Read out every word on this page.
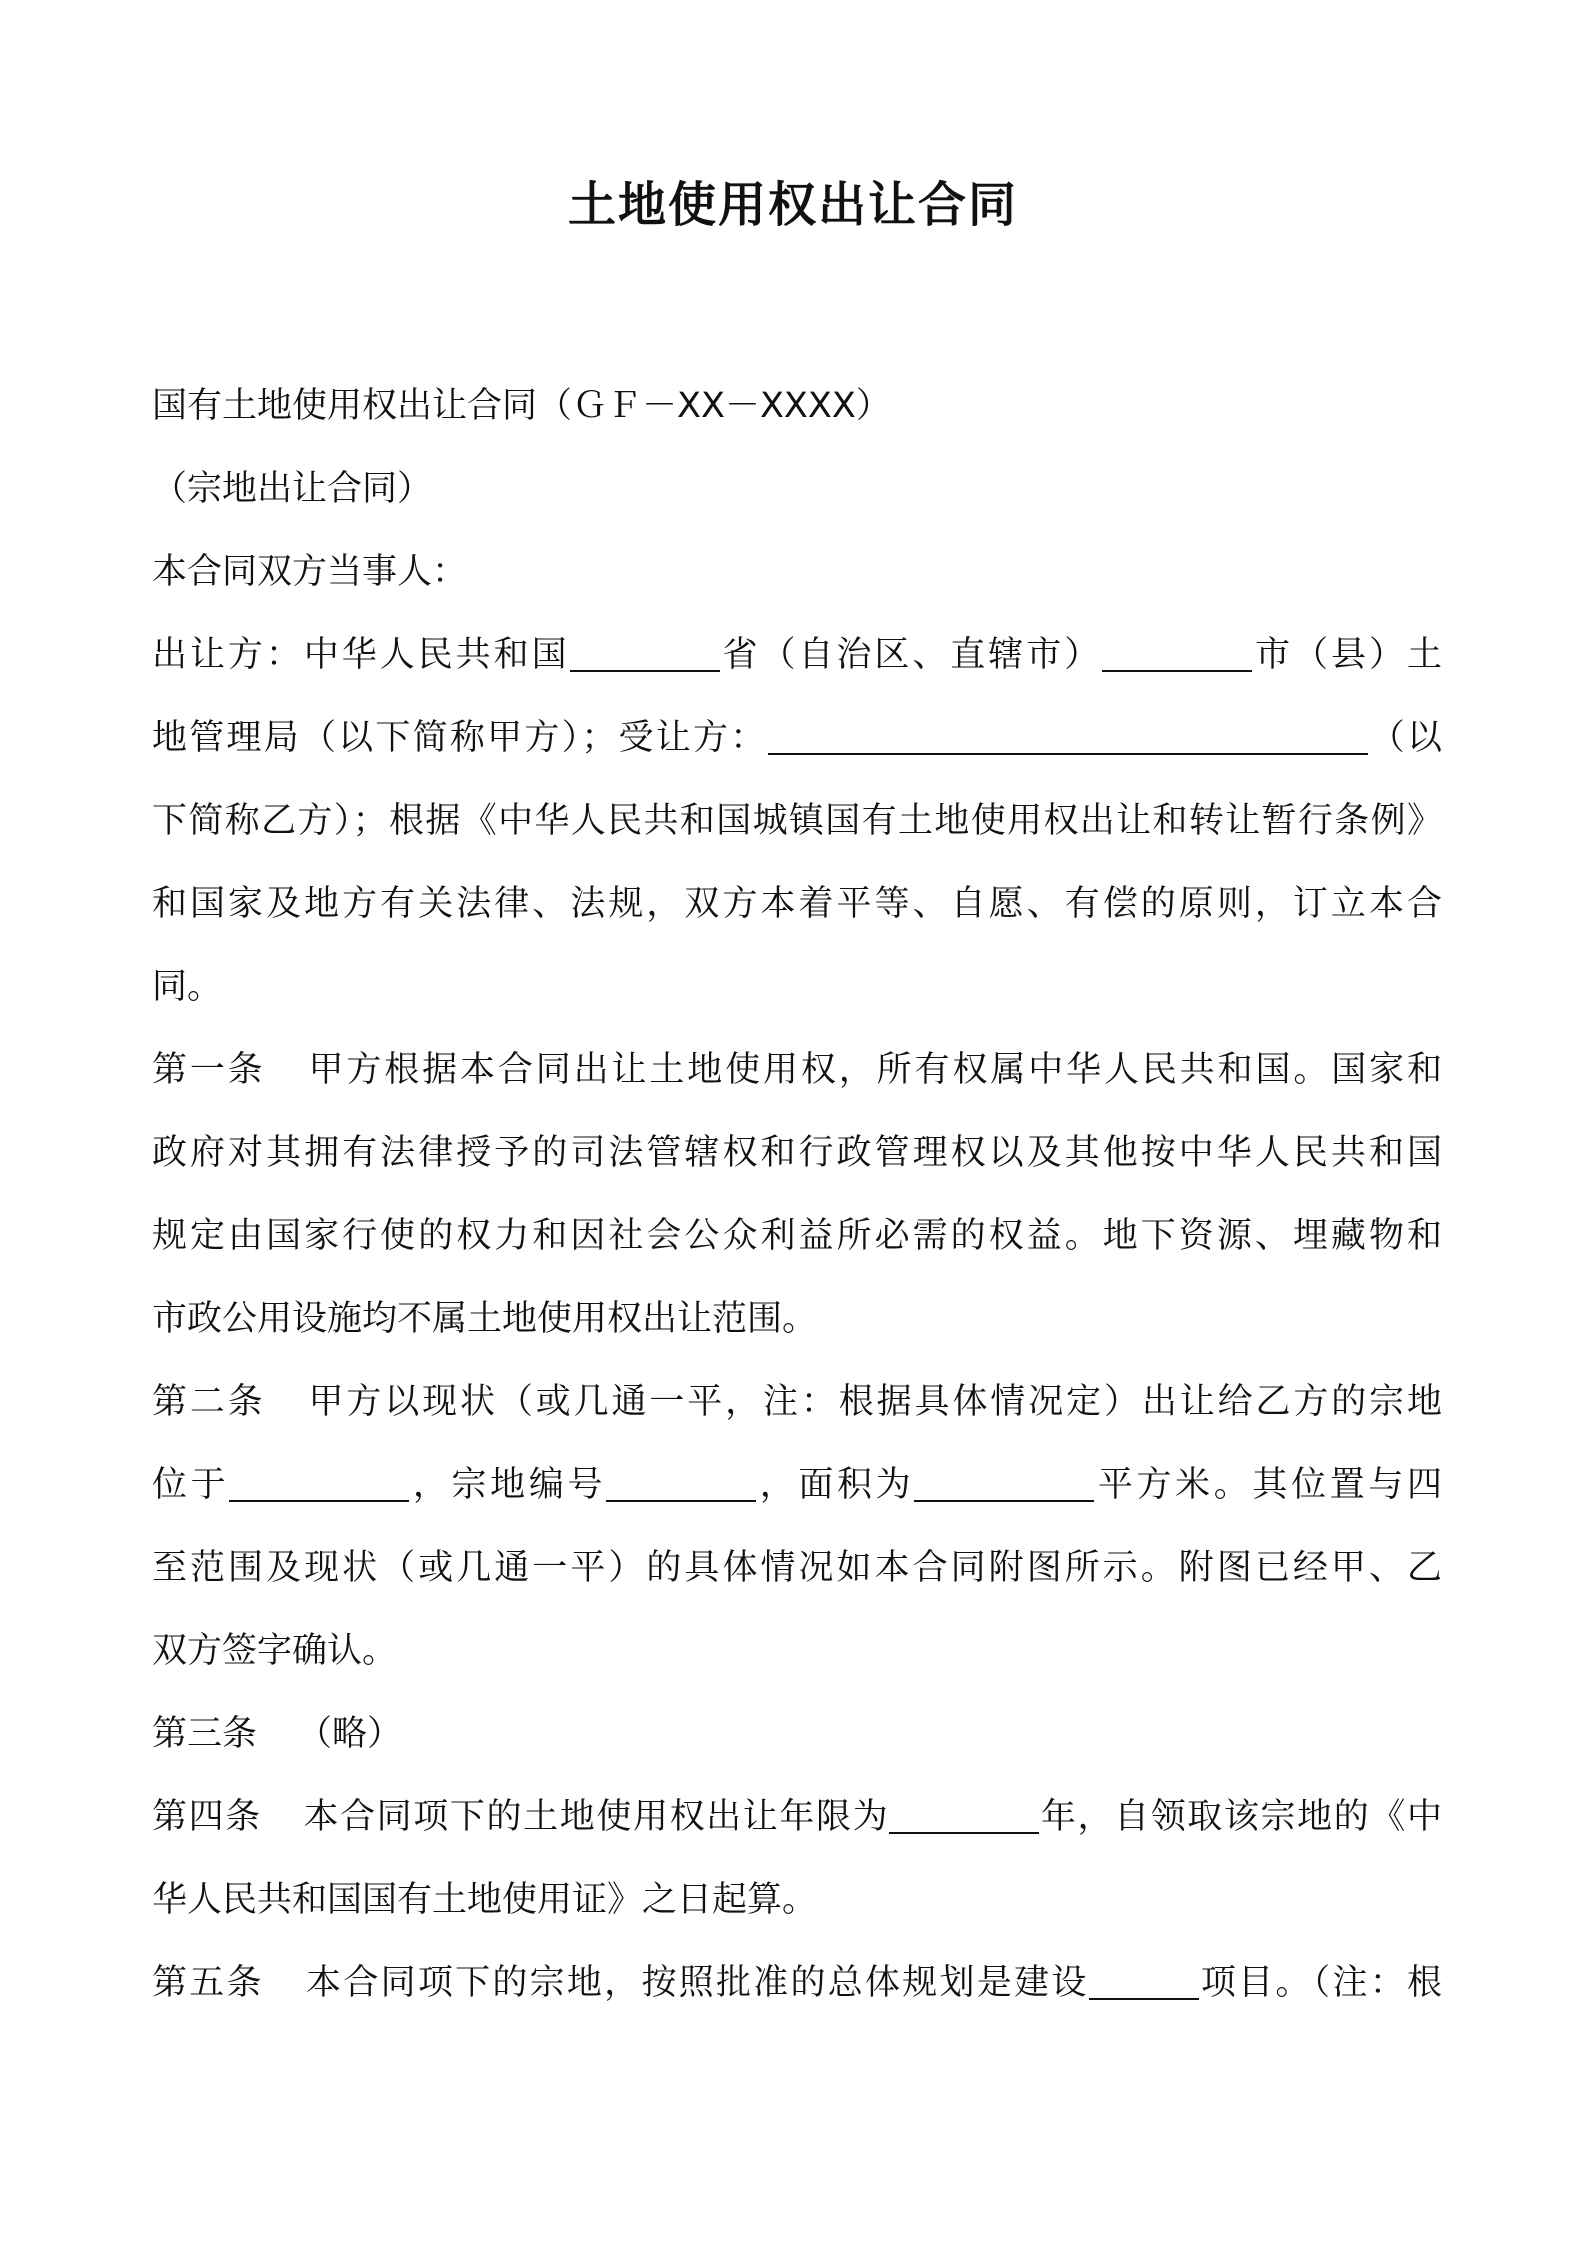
土地使用权出让合同
国有土地使用权出让合同（ＧＦ－XX－XXXX）
（宗地出让合同）
本合同双方当事人：
出让方：中华人民共和国	省（自治区、直辖市）	市（县）土
地管理局（以下简称甲方）；受让方：	（以
下简称乙方）；根据《中华人民共和国城镇国有土地使用权出让和转让暂行条例》
和国家及地方有关法律、法规，双方本着平等、自愿、有偿的原则，订立本合
同。
第一条 甲方根据本合同出让土地使用权，所有权属中华人民共和国。国家和
政府对其拥有法律授予的司法管辖权和行政管理权以及其他按中华人民共和国
规定由国家行使的权力和因社会公众利益所必需的权益。地下资源、埋藏物和
市政公用设施均不属土地使用权出让范围。
第二条 甲方以现状（或几通一平，注：根据具体情况定）出让给乙方的宗地
位于	，宗地编号	，面积为	平方米。其位置与四
至范围及现状（或几通一平）的具体情况如本合同附图所示。附图已经甲、乙
双方签字确认。
第三条 （略）
第四条 本合同项下的土地使用权出让年限为	年，自领取该宗地的《中
华人民共和国国有土地使用证》之日起算。
第五条 本合同项下的宗地，按照批准的总体规划是建设	项目。（注：根
